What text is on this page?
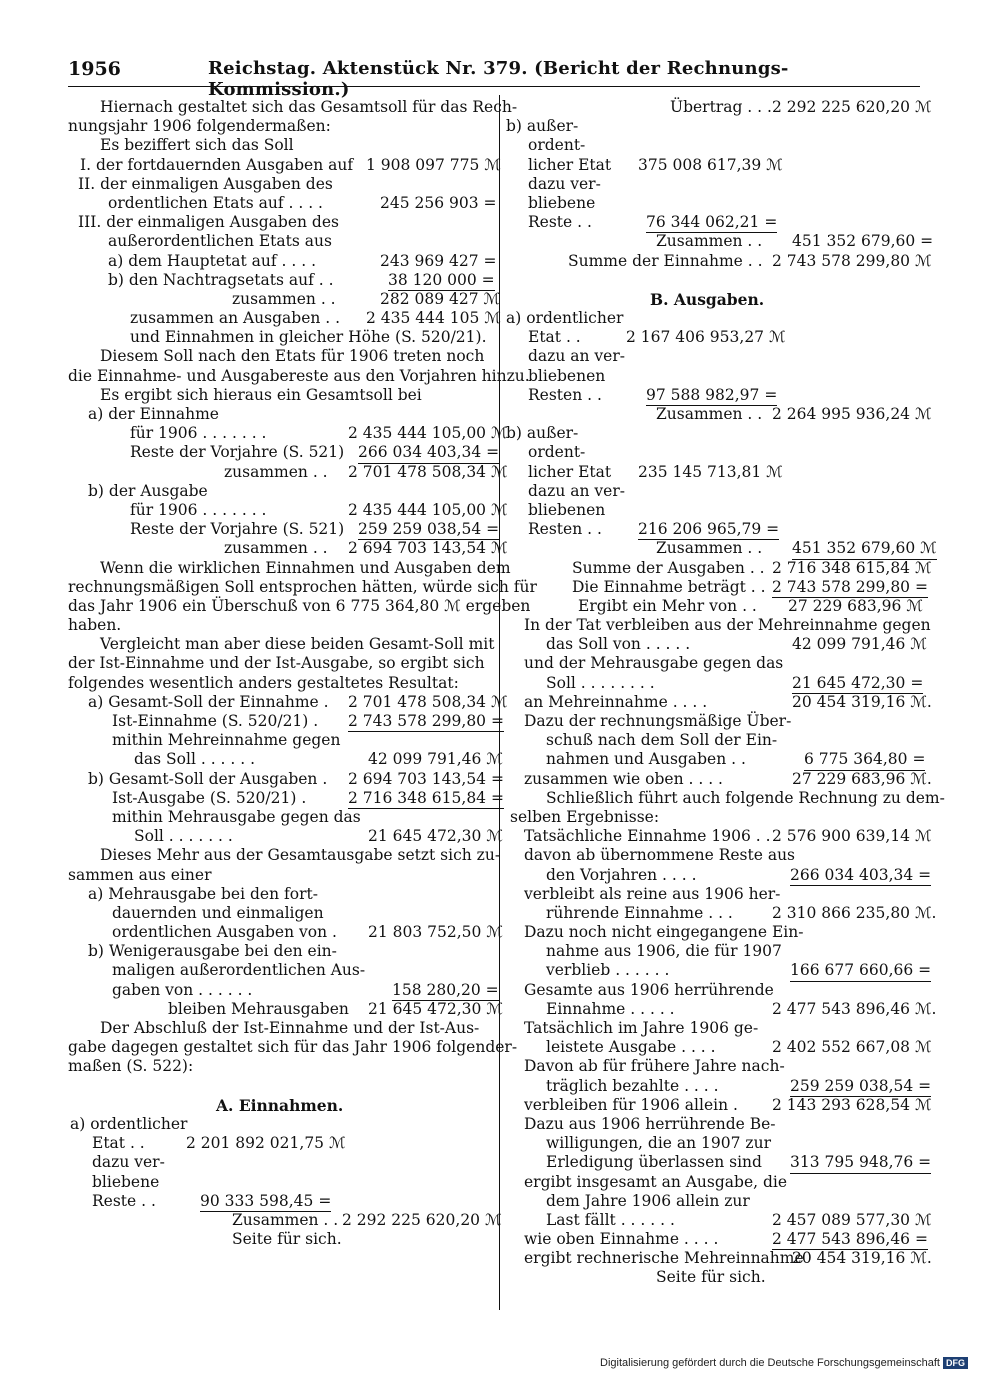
1956	Reichstag. Aktenstück Nr. 379. (Bericht der Rechnungs-Kommission.)
Hiernach gestaltet sich das Gesamtsoll für das Rech-
nungsjahr 1906 folgendermaßen:
Es beziffert sich das Soll
I. der fortdauernden Ausgaben auf 1 908 097 775 ℳ
II. der einmaligen Ausgaben des
ordentlichen Etats auf . . . .	245 256 903 =
III. der einmaligen Ausgaben des
außerordentlichen Etats aus
a) dem Hauptetat auf . . . .	243 969 427 =
b) den Nachtragsetats auf . .	38 120 000 =
zusammen . .	282 089 427 ℳ
zusammen an Ausgaben . . 2 435 444 105 ℳ
und Einnahmen in gleicher Höhe (S. 520/21).
Diesem Soll nach den Etats für 1906 treten noch
die Einnahme- und Ausgabereste aus den Vorjahren hinzu.
Es ergibt sich hieraus ein Gesamtsoll bei
a) der Einnahme
für 1906 . . . . . . .	2 435 444 105,00 ℳ
Reste der Vorjahre (S. 521) 266 034 403,34 =
zusammen . . 2 701 478 508,34 ℳ
b) der Ausgabe
für 1906 . . . . . . .	2 435 444 105,00 ℳ
Reste der Vorjahre (S. 521) 259 259 038,54 =
zusammen . . 2 694 703 143,54 ℳ
Wenn die wirklichen Einnahmen und Ausgaben dem
rechnungsmäßigen Soll entsprochen hätten, würde sich für
das Jahr 1906 ein Überschuß von 6 775 364,80 ℳ ergeben
haben.
Vergleicht man aber diese beiden Gesamt-Soll mit
der Ist-Einnahme und der Ist-Ausgabe, so ergibt sich
folgendes wesentlich anders gestaltetes Resultat:
a) Gesamt-Soll der Einnahme . 2 701 478 508,34 ℳ
Ist-Einnahme (S. 520/21) . 2 743 578 299,80 =
mithin Mehreinnahme gegen
das Soll . . . . . .	42 099 791,46 ℳ
b) Gesamt-Soll der Ausgaben . 2 694 703 143,54 =
Ist-Ausgabe (S. 520/21) .	2 716 348 615,84 =
mithin Mehrausgabe gegen das
Soll . . . . . . .	21 645 472,30 ℳ
Dieses Mehr aus der Gesamtausgabe setzt sich zu-
sammen aus einer
a) Mehrausgabe bei den fort-
dauernden und einmaligen
ordentlichen Ausgaben von . 21 803 752,50 ℳ
b) Wenigerausgabe bei den ein-
maligen außerordentlichen Aus-
gaben von . . . . . .	158 280,20 =
bleiben Mehrausgaben 21 645 472,30 ℳ
Der Abschluß der Ist-Einnahme und der Ist-Aus-
gabe dagegen gestaltet sich für das Jahr 1906 folgender-
maßen (S. 522):
A. Einnahmen.
a) ordentlicher
Etat . .	2 201 892 021,75 ℳ
dazu ver-
bliebene
Reste . .	90 333 598,45 =
Zusammen . . 2 292 225 620,20 ℳ
Seite für sich.
Übertrag . . . 2 292 225 620,20 ℳ
b) außer-
ordent-
licher Etat 375 008 617,39 ℳ
dazu ver-
bliebene
Reste . .	76 344 062,21 =
Zusammen . . 451 352 679,60 =
Summe der Einnahme . . 2 743 578 299,80 ℳ
B. Ausgaben.
a) ordentlicher
Etat . .	2 167 406 953,27 ℳ
dazu an ver-
bliebenen
Resten . .	97 588 982,97 =
Zusammen . . 2 264 995 936,24 ℳ
b) außer-
ordent-
licher Etat 235 145 713,81 ℳ
dazu an ver-
bliebenen
Resten . . 216 206 965,79 =
Zusammen . . 451 352 679,60 ℳ
Summe der Ausgaben . . 2 716 348 615,84 ℳ
Die Einnahme beträgt . . 2 743 578 299,80 =
Ergibt ein Mehr von . . 27 229 683,96 ℳ
In der Tat verbleiben aus der Mehreinnahme gegen
das Soll von . . . . .	42 099 791,46 ℳ
und der Mehrausgabe gegen das
Soll . . . . . . . .	21 645 472,30 =
an Mehreinnahme . . . .	20 454 319,16 ℳ.
Dazu der rechnungsmäßige Über-
schuß nach dem Soll der Ein-
nahmen und Ausgaben . .	6 775 364,80 =
zusammen wie oben . . . .	27 229 683,96 ℳ.
Schließlich führt auch folgende Rechnung zu dem-
selben Ergebnisse:
Tatsächliche Einnahme 1906 . . 2 576 900 639,14 ℳ
davon ab übernommene Reste aus
den Vorjahren . . . .	266 034 403,34 =
verbleibt als reine aus 1906 her-
rührende Einnahme . . .	2 310 866 235,80 ℳ.
Dazu noch nicht eingegangene Ein-
nahme aus 1906, die für 1907
verblieb . . . . . .	166 677 660,66 =
Gesamte aus 1906 herrührende
Einnahme . . . . .	2 477 543 896,46 ℳ.
Tatsächlich im Jahre 1906 ge-
leistete Ausgabe . . . .	2 402 552 667,08 ℳ
Davon ab für frühere Jahre nach-
träglich bezahlte . . . .	259 259 038,54 =
verbleiben für 1906 allein . 2 143 293 628,54 ℳ
Dazu aus 1906 herrührende Be-
willigungen, die an 1907 zur
Erledigung überlassen sind 313 795 948,76 =
ergibt insgesamt an Ausgabe, die
dem Jahre 1906 allein zur
Last fällt . . . . . .	2 457 089 577,30 ℳ
wie oben Einnahme . . . .	2 477 543 896,46 =
ergibt rechnerische Mehreinnahme
20 454 319,16 ℳ.
Seite für sich.
Digitalisierung gefördert durch die Deutsche Forschungsgemeinschaft DFG
